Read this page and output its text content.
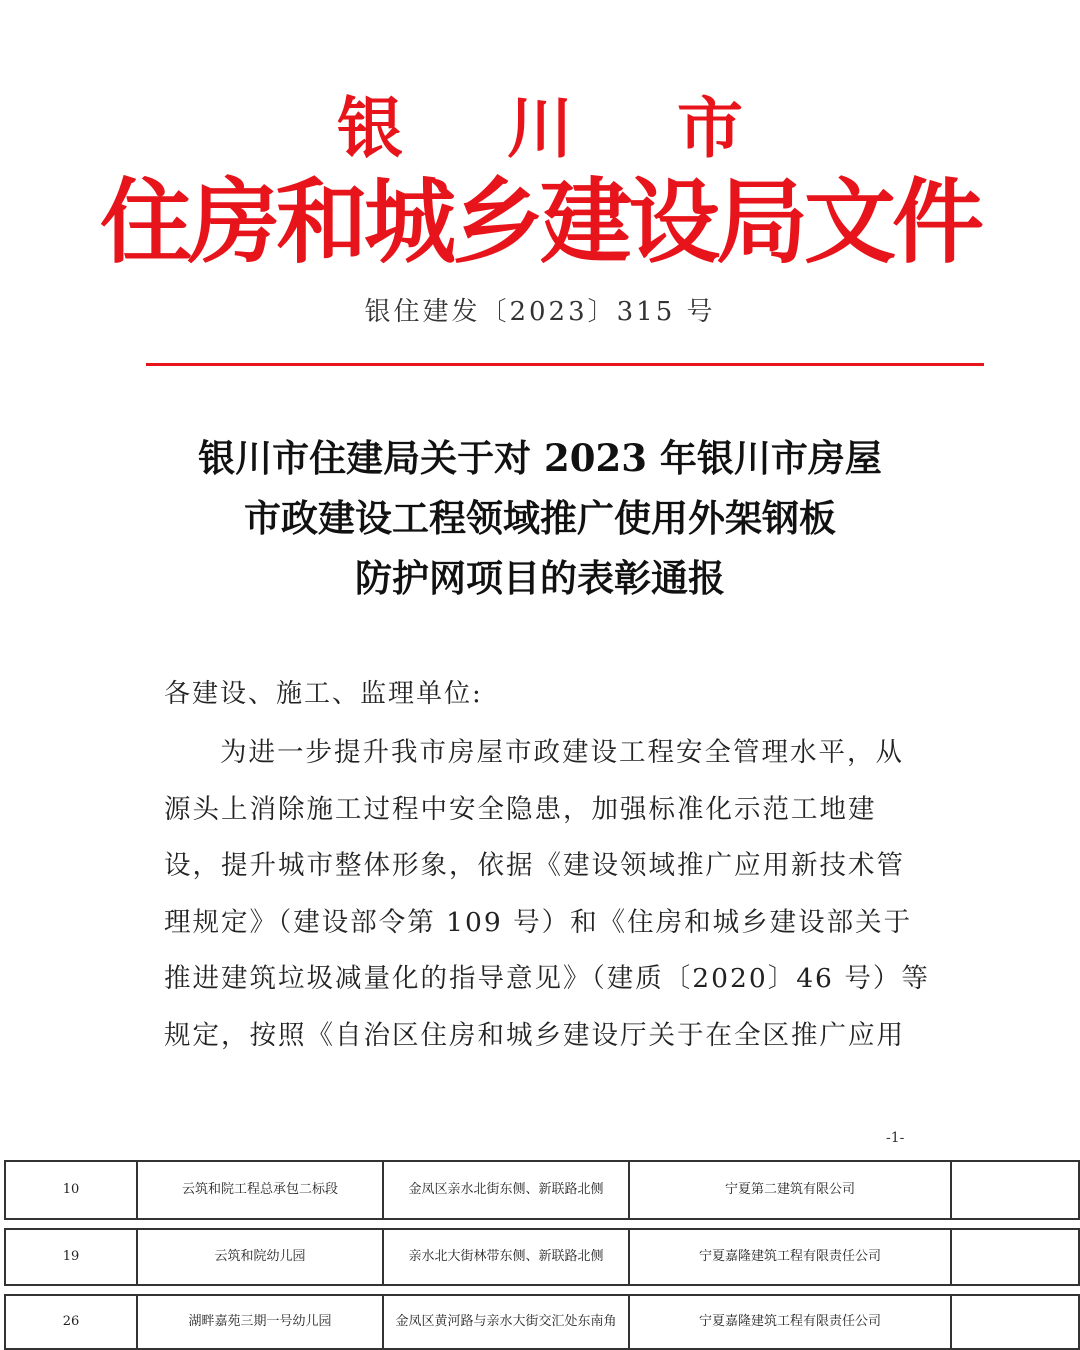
银川市
住房和城乡建设局文件
银住建发〔2023〕315 号
银川市住建局关于对 2023 年银川市房屋
市政建设工程领域推广使用外架钢板
防护网项目的表彰通报
各建设、施工、监理单位:
为进一步提升我市房屋市政建设工程安全管理水平，从
源头上消除施工过程中安全隐患，加强标准化示范工地建
设，提升城市整体形象，依据《建设领域推广应用新技术管
理规定》（建设部令第 109 号）和《住房和城乡建设部关于
推进建筑垃圾减量化的指导意见》（建质〔2020〕46 号）等
规定，按照《自治区住房和城乡建设厅关于在全区推广应用
-1-
10	云筑和院工程总承包二标段	金凤区亲水北街东侧、新联路北侧	宁夏第二建筑有限公司
19	云筑和院幼儿园	亲水北大街林带东侧、新联路北侧	宁夏嘉隆建筑工程有限责任公司
26	湖畔嘉苑三期一号幼儿园	金凤区黄河路与亲水大街交汇处东南角	宁夏嘉隆建筑工程有限责任公司
